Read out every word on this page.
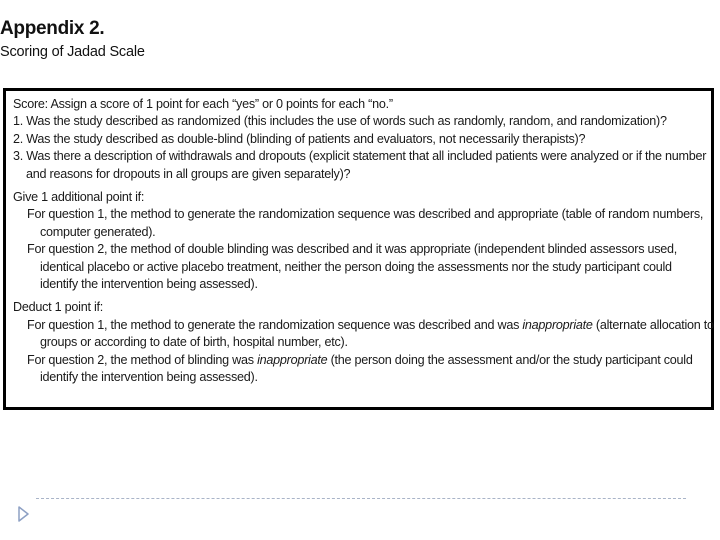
Appendix 2.
Scoring of Jadad Scale
Score: Assign a score of 1 point for each “yes” or 0 points for each “no.”
1. Was the study described as randomized (this includes the use of words such as randomly, random, and randomization)?
2. Was the study described as double-blind (blinding of patients and evaluators, not necessarily therapists)?
3. Was there a description of withdrawals and dropouts (explicit statement that all included patients were analyzed or if the number and reasons for dropouts in all groups are given separately)?
Give 1 additional point if:
For question 1, the method to generate the randomization sequence was described and appropriate (table of random numbers, computer generated).
For question 2, the method of double blinding was described and it was appropriate (independent blinded assessors used, identical placebo or active placebo treatment, neither the person doing the assessments nor the study participant could identify the intervention being assessed).
Deduct 1 point if:
For question 1, the method to generate the randomization sequence was described and was inappropriate (alternate allocation to groups or according to date of birth, hospital number, etc).
For question 2, the method of blinding was inappropriate (the person doing the assessment and/or the study participant could identify the intervention being assessed).
